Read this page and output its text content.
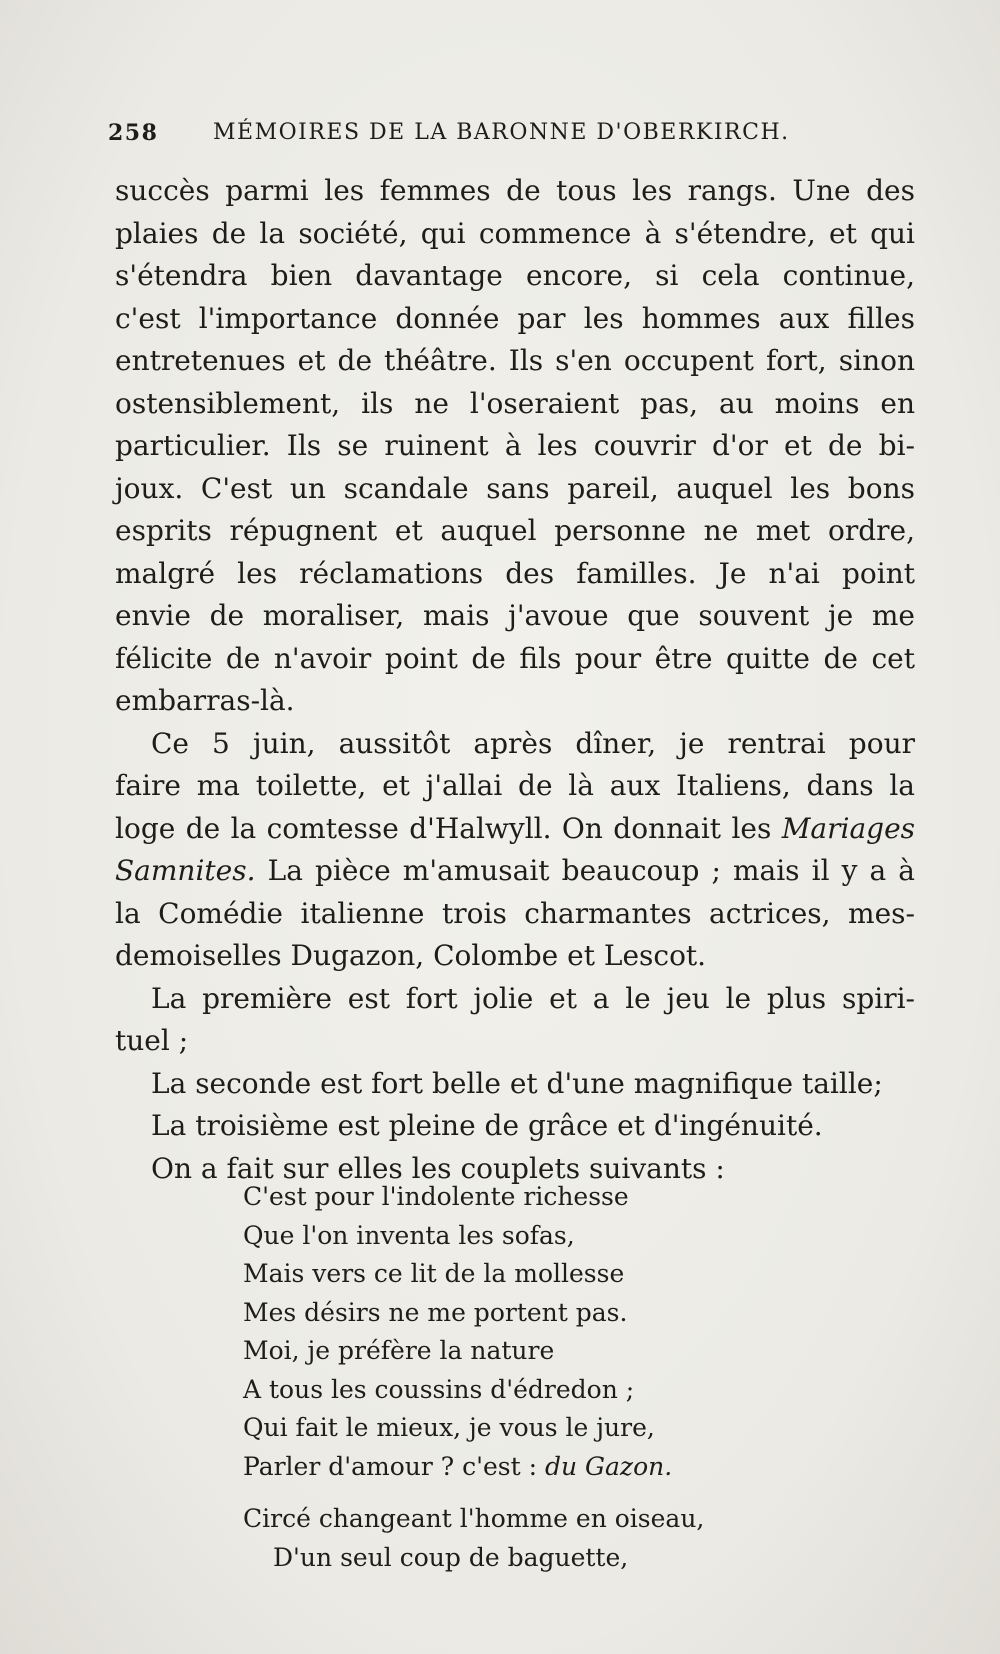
258 MÉMOIRES DE LA BARONNE D'OBERKIRCH.
succès parmi les femmes de tous les rangs. Une des
plaies de la société, qui commence à s'étendre, et qui
s'étendra bien davantage encore, si cela continue,
c'est l'importance donnée par les hommes aux filles
entretenues et de théâtre. Ils s'en occupent fort, sinon
ostensiblement, ils ne l'oseraient pas, au moins en
particulier. Ils se ruinent à les couvrir d'or et de bi-
joux. C'est un scandale sans pareil, auquel les bons
esprits répugnent et auquel personne ne met ordre,
malgré les réclamations des familles. Je n'ai point
envie de moraliser, mais j'avoue que souvent je me
félicite de n'avoir point de fils pour être quitte de cet
embarras-là.
Ce 5 juin, aussitôt après dîner, je rentrai pour
faire ma toilette, et j'allai de là aux Italiens, dans la
loge de la comtesse d'Halwyll. On donnait les Mariages
Samnites. La pièce m'amusait beaucoup ; mais il y a à
la Comédie italienne trois charmantes actrices, mes-
demoiselles Dugazon, Colombe et Lescot.
La première est fort jolie et a le jeu le plus spiri-
tuel ;
La seconde est fort belle et d'une magnifique taille;
La troisième est pleine de grâce et d'ingénuité.
On a fait sur elles les couplets suivants :
C'est pour l'indolente richesse
Que l'on inventa les sofas,
Mais vers ce lit de la mollesse
Mes désirs ne me portent pas.
Moi, je préfère la nature
A tous les coussins d'édredon ;
Qui fait le mieux, je vous le jure,
Parler d'amour ? c'est : du Gazon.
Circé changeant l'homme en oiseau,
D'un seul coup de baguette,
